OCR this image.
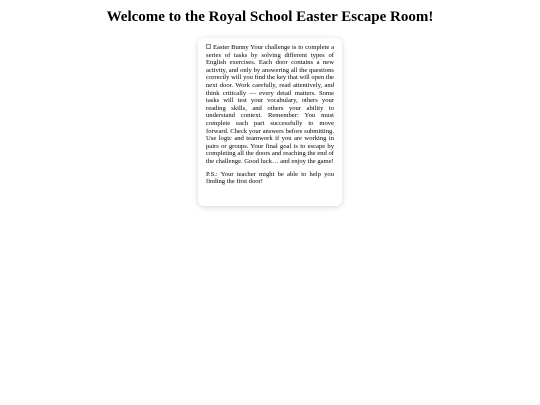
Welcome to the Royal School Easter Escape Room!

Easter Bunny Your challenge is to complete a series of tasks by solving different types of English exercises. Each door contains a new activity, and only by answering all the questions correctly will you find the key that will open the next door. Work carefully, read attentively, and think critically — every detail matters. Some tasks will test your vocabulary, others your reading skills, and others your ability to understand context. Remember: You must complete each part successfully to move forward. Check your answers before submitting. Use logic and teamwork if you are working in pairs or groups. Your final goal is to escape by completing all the doors and reaching the end of the challenge. Good luck… and enjoy the game!

P.S.: Your teacher might be able to help you finding the first door!
